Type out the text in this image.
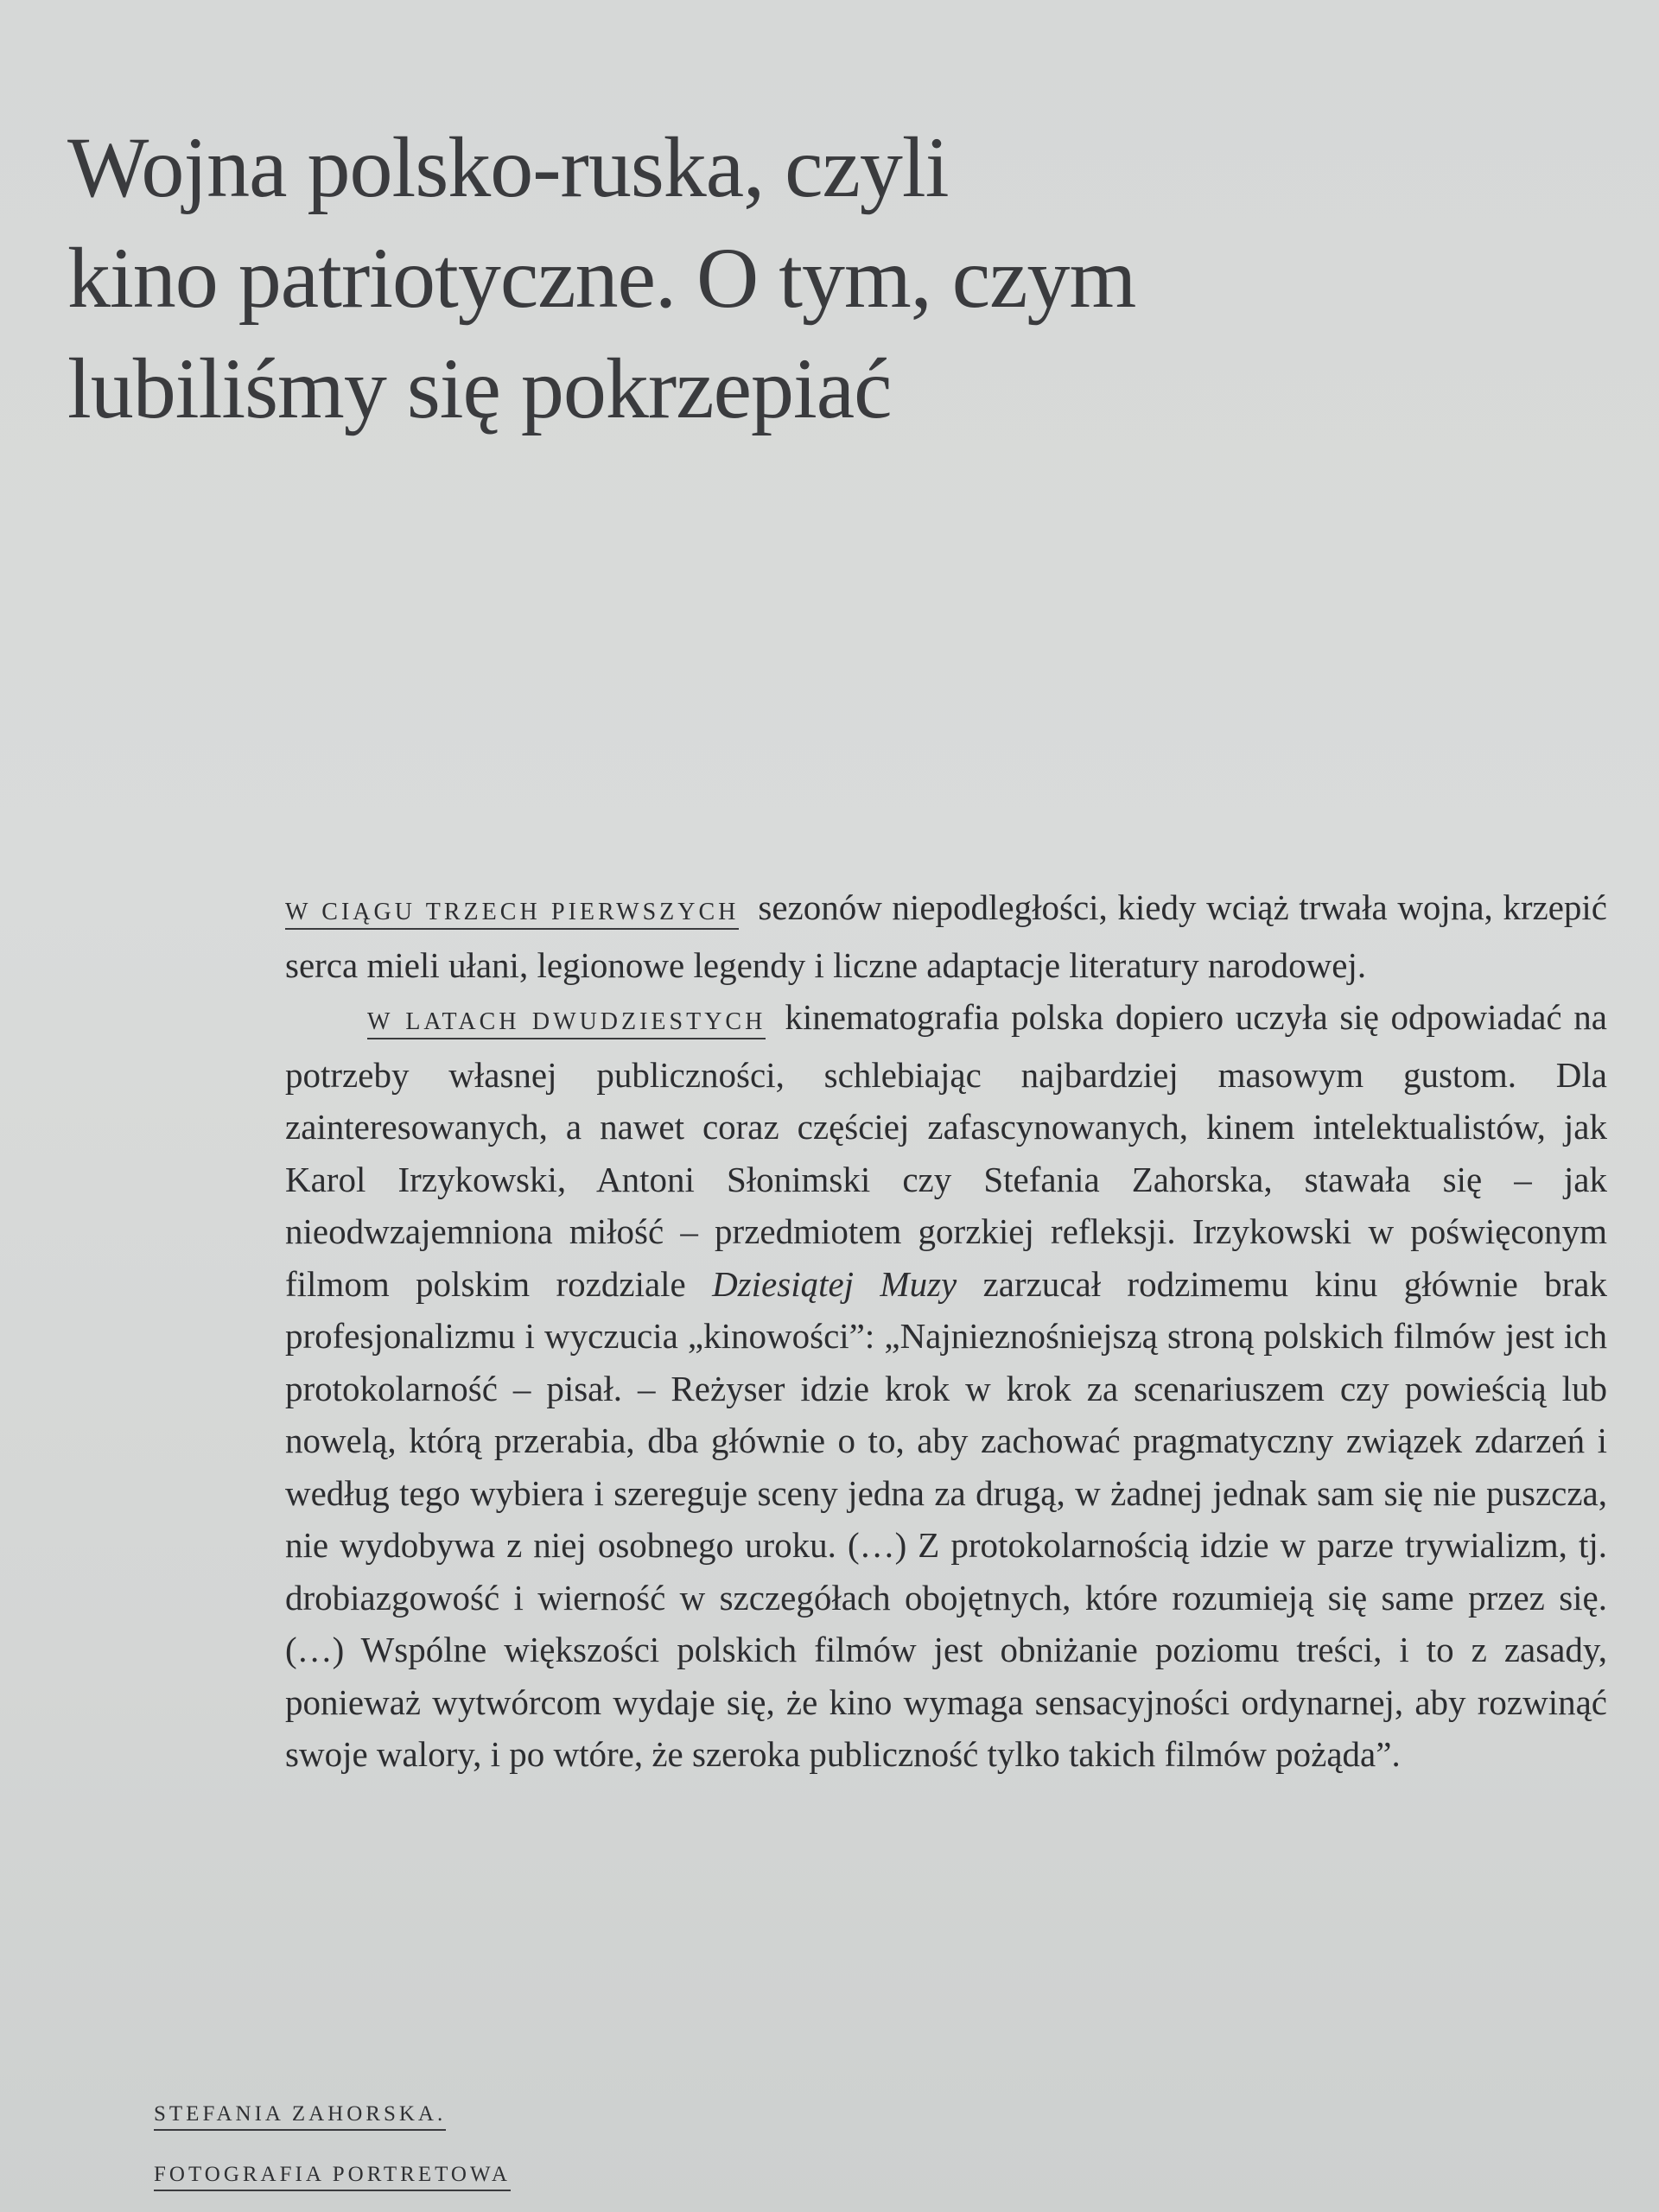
Wojna polsko-ruska, czyli
kino patriotyczne. O tym, czym
lubiliśmy się pokrzepiać

W CIĄGU TRZECH PIERWSZYCH sezonów niepodległości, kiedy wciąż trwała wojna, krzepić serca mieli ułani, legionowe legendy i liczne adaptacje literatury narodowej.

W LATACH DWUDZIESTYCH kinematografia polska dopiero uczyła się odpowiadać na potrzeby własnej publiczności, schlebiając najbardziej masowym gustom. Dla zainteresowanych, a nawet coraz częściej zafascynowanych, kinem intelektualistów, jak Karol Irzykowski, Antoni Słonimski czy Stefania Zahorska, stawała się – jak nieodwzajemniona miłość – przedmiotem gorzkiej refleksji. Irzykowski w poświęconym filmom polskim rozdziale Dziesiątej Muzy zarzucał rodzimemu kinu głównie brak profesjonalizmu i wyczucia „kinowości”: „Najnieznośniejszą stroną polskich filmów jest ich protokolarność – pisał. – Reżyser idzie krok w krok za scenariuszem czy powieścią lub nowelą, którą przerabia, dba głównie o to, aby zachować pragmatyczny związek zdarzeń i według tego wybiera i szereguje sceny jedna za drugą, w żadnej jednak sam się nie puszcza, nie wydobywa z niej osobnego uroku. (…) Z protokolarnością idzie w parze trywializm, tj. drobiazgowość i wierność w szczegółach obojętnych, które rozumieją się same przez się. (…) Wspólne większości polskich filmów jest obniżanie poziomu treści, i to z zasady, ponieważ wytwórcom wydaje się, że kino wymaga sensacyjności ordynarnej, aby rozwinąć swoje walory, i po wtóre, że szeroka publiczność tylko takich filmów pożąda”.

STEFANIA ZAHORSKA.
FOTOGRAFIA PORTRETOWA
